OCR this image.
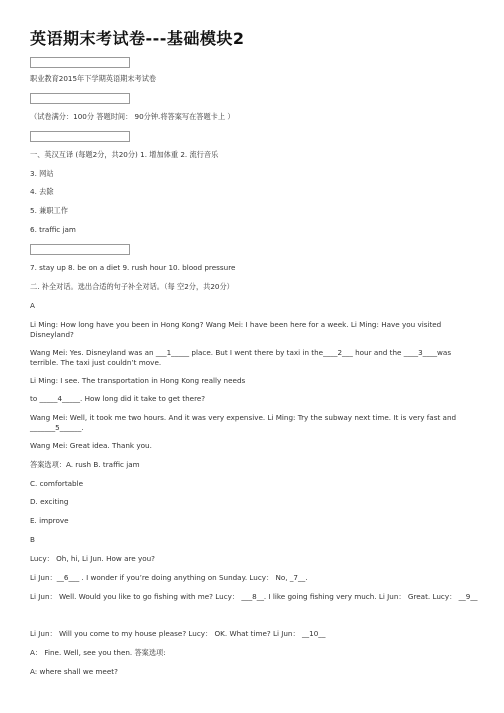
英语期末考试卷---基础模块2
职业教育2015年下学期英语期末考试卷
（试卷满分：100分 答题时间： 90分钟.将答案写在答题卡上 ）
一、英汉互译 (每题2分，共20分) 1. 增加体重 2. 流行音乐
3. 网站
4. 去除
5. 兼职工作
6. traffic jam
7. stay up 8. be on a diet 9. rush hour 10. blood pressure
二. 补全对话。选出合适的句子补全对话。（每 空2分，共20分）
A
Li Ming: How long have you been in Hong Kong? Wang Mei: I have been here for a week. Li Ming: Have you visited Disneyland?
Wang Mei: Yes. Disneyland was an ___1_____ place. But I went there by taxi in the____2___ hour and the ____3____was terrible. The taxi just couldn’t move.
Li Ming: I see. The transportation in Hong Kong really needs
to _____4_____. How long did it take to get there?
Wang Mei: Well, it took me two hours. And it was very expensive. Li Ming: Try the subway next time. It is very fast and _______5______.
Wang Mei: Great idea. Thank you.
答案选项：A. rush B. traffic jam
C. comfortable
D. exciting
E. improve
B
Lucy： Oh, hi, Li Jun. How are you?
Li Jun：__6___ . I wonder if you’re doing anything on Sunday. Lucy： No, _7__.
Li Jun： Well. Would you like to go fishing with me? Lucy： ___8__. I like going fishing very much. Li Jun： Great. Lucy： __9__
Li Jun： Will you come to my house please? Lucy： OK. What time? Li Jun： __10__
A： Fine. Well, see you then. 答案选项:
A: where shall we meet?
